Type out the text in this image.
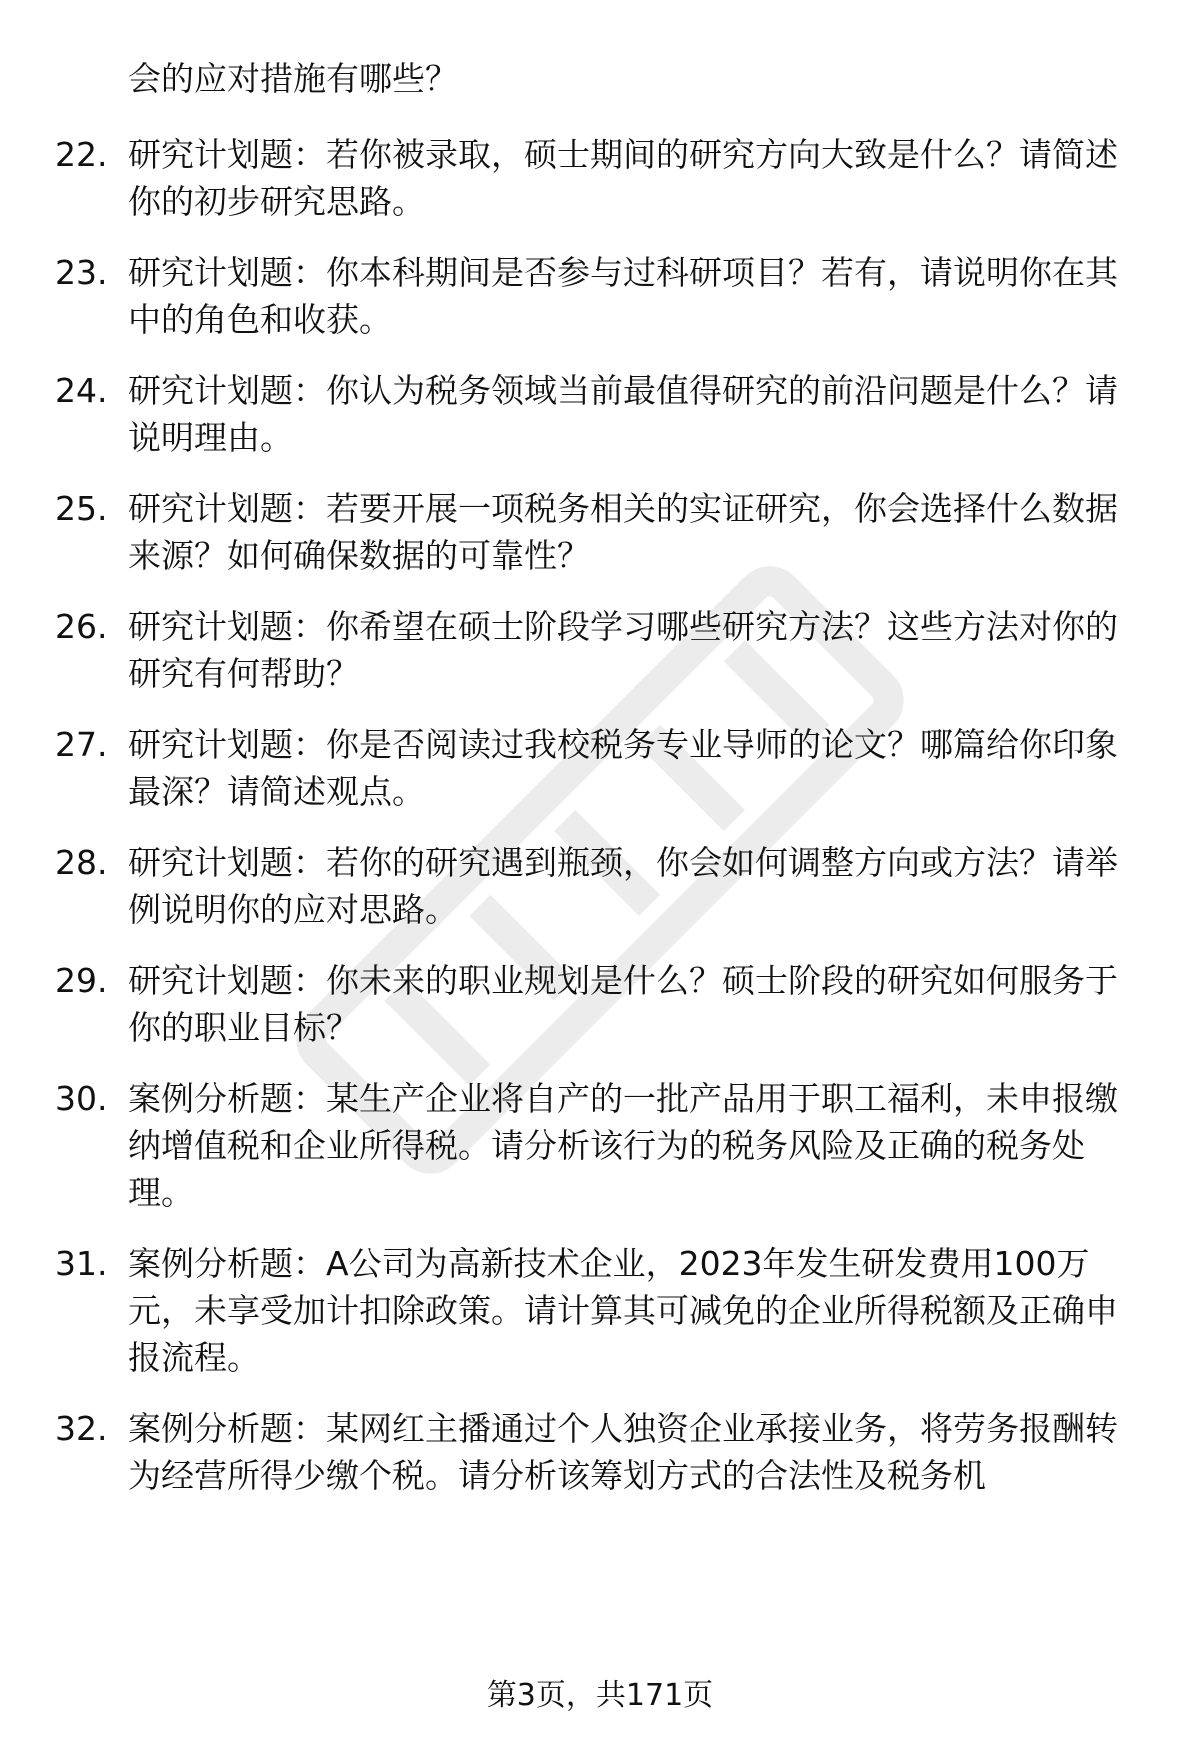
会的应对措施有哪些？
22. 研究计划题：若你被录取，硕士期间的研究方向大致是什么？请简述你的初步研究思路。
23. 研究计划题：你本科期间是否参与过科研项目？若有，请说明你在其中的角色和收获。
24. 研究计划题：你认为税务领域当前最值得研究的前沿问题是什么？请说明理由。
25. 研究计划题：若要开展一项税务相关的实证研究，你会选择什么数据来源？如何确保数据的可靠性？
26. 研究计划题：你希望在硕士阶段学习哪些研究方法？这些方法对你的研究有何帮助？
27. 研究计划题：你是否阅读过我校税务专业导师的论文？哪篇给你印象最深？请简述观点。
28. 研究计划题：若你的研究遇到瓶颈，你会如何调整方向或方法？请举例说明你的应对思路。
29. 研究计划题：你未来的职业规划是什么？硕士阶段的研究如何服务于你的职业目标？
30. 案例分析题：某生产企业将自产的一批产品用于职工福利，未申报缴纳增值税和企业所得税。请分析该行为的税务风险及正确的税务处理。
31. 案例分析题：A公司为高新技术企业，2023年发生研发费用100万元，未享受加计扣除政策。请计算其可减免的企业所得税额及正确申报流程。
32. 案例分析题：某网红主播通过个人独资企业承接业务，将劳务报酬转为经营所得少缴个税。请分析该筹划方式的合法性及税务机
第3页，共171页
